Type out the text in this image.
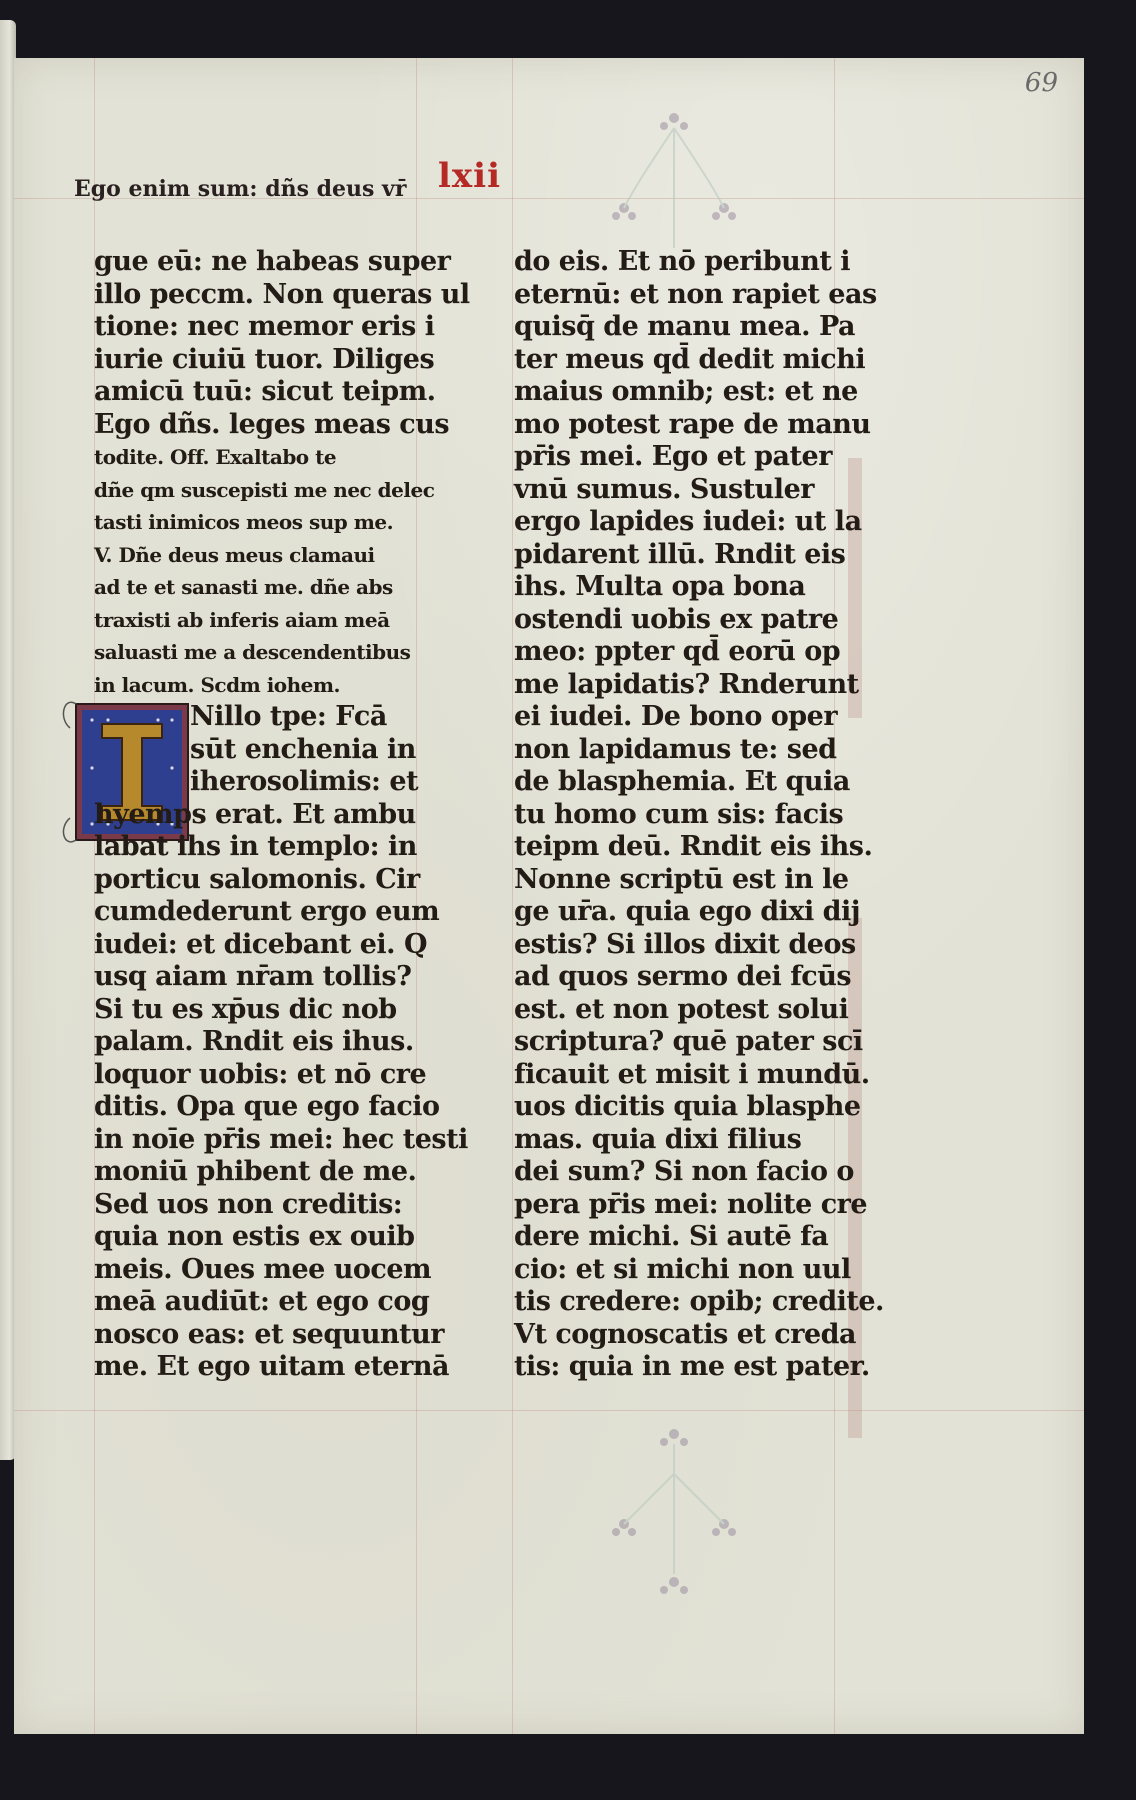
69
lxii
Ego enim sum: dñs deus vr̄
gue eū: ne habeas super
illo peccm. Non queras ul
tione: nec memor eris i
iurie ciuiū tuor. Diliges
amicū tuū: sicut teipm.
Ego dñs. leges meas cus
todite. Off. Exaltabo te
dñe qm suscepisti me nec delec
tasti inimicos meos sup me.
V. Dñe deus meus clamaui
ad te et sanasti me. dñe abs
traxisti ab inferis aiam meā
saluasti me a descendentibus
in lacum. Scdm iohem.
Nillo tpe: Fcā
sūt enchenia in
iherosolimis: et
hyemps erat. Et ambu
labat ihs in templo: in
porticu salomonis. Cir
cumdederunt ergo eum
iudei: et dicebant ei. Q
usq aiam nr̄am tollis?
Si tu es xp̄us dic nob
palam. Rndit eis ihus.
loquor uobis: et nō cre
ditis. Opa que ego facio
in noīe pr̄is mei: hec testi
moniū phibent de me.
Sed uos non creditis:
quia non estis ex ouib
meis. Oues mee uocem
meā audiūt: et ego cog
nosco eas: et sequuntur
me. Et ego uitam eternā
do eis. Et nō peribunt i
eternū: et non rapiet eas
quisq̄ de manu mea. Pa
ter meus qd̄ dedit michi
maius omnib; est: et ne
mo potest rape de manu
pr̄is mei. Ego et pater
vnū sumus. Sustuler
ergo lapides iudei: ut la
pidarent illū. Rndit eis
ihs. Multa opa bona
ostendi uobis ex patre
meo: ppter qd̄ eorū op
me lapidatis? Rnderunt
ei iudei. De bono oper
non lapidamus te: sed
de blasphemia. Et quia
tu homo cum sis: facis
teipm deū. Rndit eis ihs.
Nonne scriptū est in le
ge ur̄a. quia ego dixi dij
estis? Si illos dixit deos
ad quos sermo dei fcūs
est. et non potest solui
scriptura? quē pater scī
ficauit et misit i mundū.
uos dicitis quia blasphe
mas. quia dixi filius
dei sum? Si non facio o
pera pr̄is mei: nolite cre
dere michi. Si autē fa
cio: et si michi non uul
tis credere: opib; credite.
Vt cognoscatis et creda
tis: quia in me est pater.
